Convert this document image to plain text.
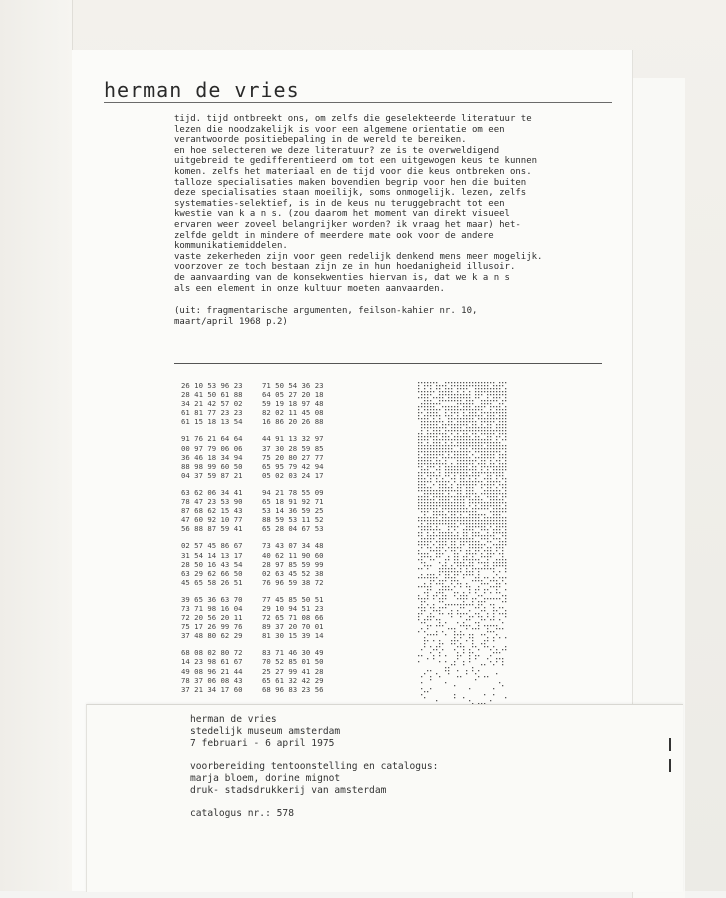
herman de vries
tijd. tijd ontbreekt ons, om zelfs die geselekteerde literatuur te
lezen die noodzakelijk is voor een algemene orientatie om een
verantwoorde positiebepaling in de wereld te bereiken.
en hoe selecteren we deze literatuur? ze is te overweldigend
uitgebreid te gedifferentieerd om tot een uitgewogen keus te kunnen
komen. zelfs het materiaal en de tijd voor die keus ontbreken ons.
talloze specialisaties maken bovendien begrip voor hen die buiten
deze specialisaties staan moeilijk, soms onmogelijk. lezen, zelfs
systematies-selektief, is in de keus nu teruggebracht tot een
kwestie van k a n s. (zou daarom het moment van direkt visueel
ervaren weer zoveel belangrijker worden? ik vraag het maar) het-
zelfde geldt in mindere of meerdere mate ook voor de andere
kommunikatiemiddelen.
vaste zekerheden zijn voor geen redelijk denkend mens meer mogelijk.
voorzover ze toch bestaan zijn ze in hun hoedanigheid illusoir.
de aanvaarding van de konsekwenties hiervan is, dat we k a n s
als een element in onze kultuur moeten aanvaarden.
(uit: fragmentarische argumenten, feilson-kahier nr. 10,
maart/april 1968 p.2)
26 10 53 96 23
28 41 50 61 88
34 21 42 57 02
61 81 77 23 23
61 15 18 13 54
71 50 54 36 23
64 05 27 20 18
59 19 18 97 48
82 02 11 45 08
16 86 20 26 88
91 76 21 64 64
00 97 79 06 06
36 46 18 34 94
88 98 99 60 50
04 37 59 87 21
44 91 13 32 97
37 30 28 59 85
75 20 80 27 77
65 95 79 42 94
05 02 03 24 17
63 62 06 34 41
78 47 23 53 90
87 68 62 15 43
47 60 92 10 77
56 88 87 59 41
94 21 78 55 09
65 18 91 92 71
53 14 36 59 25
88 59 53 11 52
65 28 04 67 53
02 57 45 86 67
31 54 14 13 17
28 50 16 43 54
63 29 62 66 50
45 65 58 26 51
73 43 07 34 48
40 62 11 90 60
28 97 85 59 99
02 63 45 52 38
76 96 59 38 72
39 65 36 63 70
73 71 98 16 04
72 20 56 20 11
75 17 26 99 76
37 48 80 62 29
77 45 85 50 51
29 10 94 51 23
72 65 71 08 66
89 37 20 70 01
81 30 15 39 14
68 08 02 80 72
14 23 98 61 67
49 08 96 21 44
78 37 06 08 43
37 21 34 17 60
83 71 46 30 49
70 52 85 01 50
25 27 99 41 28
65 61 32 42 29
68 96 83 23 56
herman de vries
stedelijk museum amsterdam
7 februari - 6 april 1975
voorbereiding tentoonstelling en catalogus:
marja bloem, dorine mignot
druk- stadsdrukkerij van amsterdam
catalogus nr.: 578
